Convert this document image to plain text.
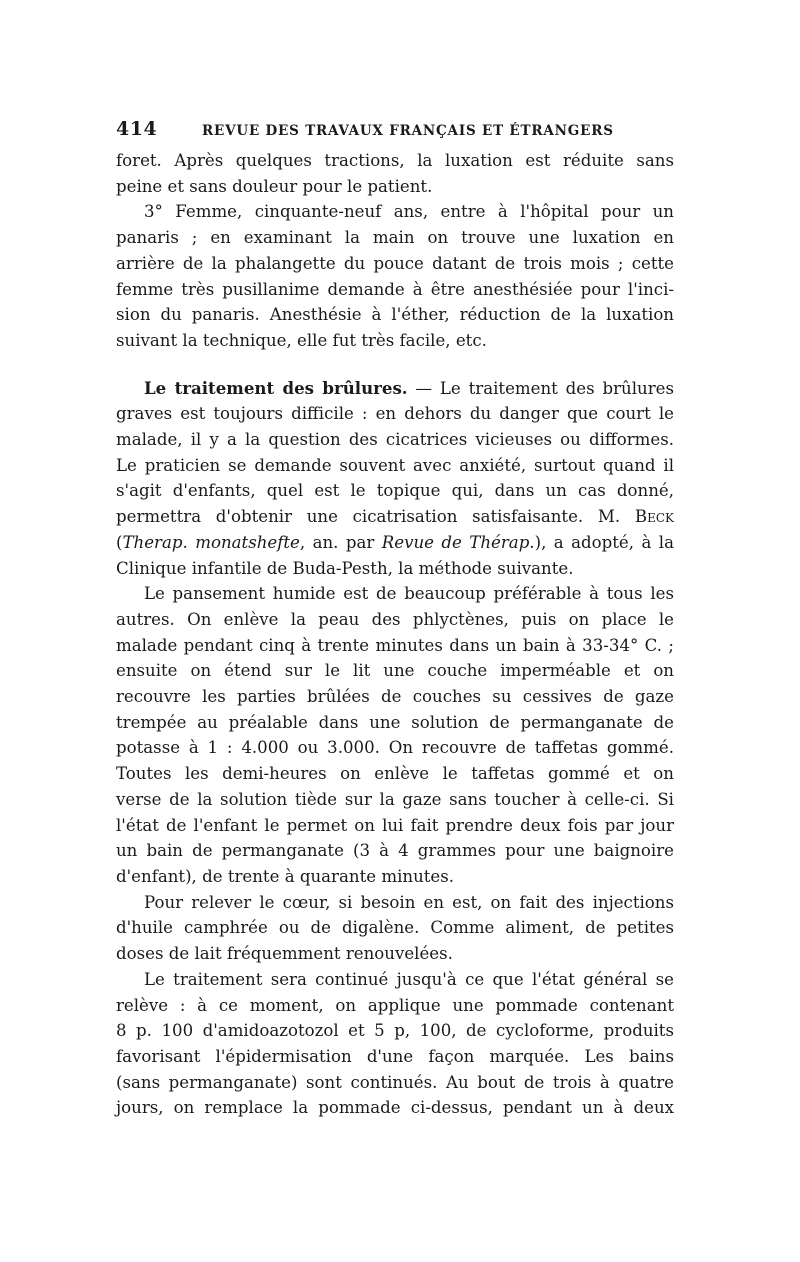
414	REVUE DES TRAVAUX FRANÇAIS ET ÉTRANGERS
foret. Après quelques tractions, la luxation est réduite sans
peine et sans douleur pour le patient.
3° Femme, cinquante-neuf ans, entre à l'hôpital pour un
panaris ; en examinant la main on trouve une luxation en
arrière de la phalangette du pouce datant de trois mois ; cette
femme très pusillanime demande à être anesthésiée pour l'inci-
sion du panaris. Anesthésie à l'éther, réduction de la luxation
suivant la technique, elle fut très facile, etc.
Le traitement des brûlures. — Le traitement des brûlures
graves est toujours difficile : en dehors du danger que court le
malade, il y a la question des cicatrices vicieuses ou difformes.
Le praticien se demande souvent avec anxiété, surtout quand il
s'agit d'enfants, quel est le topique qui, dans un cas donné,
permettra d'obtenir une cicatrisation satisfaisante. M. Beck
(Therap. monatshefte, an. par Revue de Thérap.), a adopté, à la
Clinique infantile de Buda-Pesth, la méthode suivante.
Le pansement humide est de beaucoup préférable à tous les
autres. On enlève la peau des phlyctènes, puis on place le
malade pendant cinq à trente minutes dans un bain à 33-34° C. ;
ensuite on étend sur le lit une couche imperméable et on
recouvre les parties brûlées de couches su cessives de gaze
trempée au préalable dans une solution de permanganate de
potasse à 1 : 4.000 ou 3.000. On recouvre de taffetas gommé.
Toutes les demi-heures on enlève le taffetas gommé et on
verse de la solution tiède sur la gaze sans toucher à celle-ci. Si
l'état de l'enfant le permet on lui fait prendre deux fois par jour
un bain de permanganate (3 à 4 grammes pour une baignoire
d'enfant), de trente à quarante minutes.
Pour relever le cœur, si besoin en est, on fait des injections
d'huile camphrée ou de digalène. Comme aliment, de petites
doses de lait fréquemment renouvelées.
Le traitement sera continué jusqu'à ce que l'état général se
relève : à ce moment, on applique une pommade contenant
8 p. 100 d'amidoazotozol et 5 p, 100, de cycloforme, produits
favorisant l'épidermisation d'une façon marquée. Les bains
(sans permanganate) sont continués. Au bout de trois à quatre
jours, on remplace la pommade ci-dessus, pendant un à deux
